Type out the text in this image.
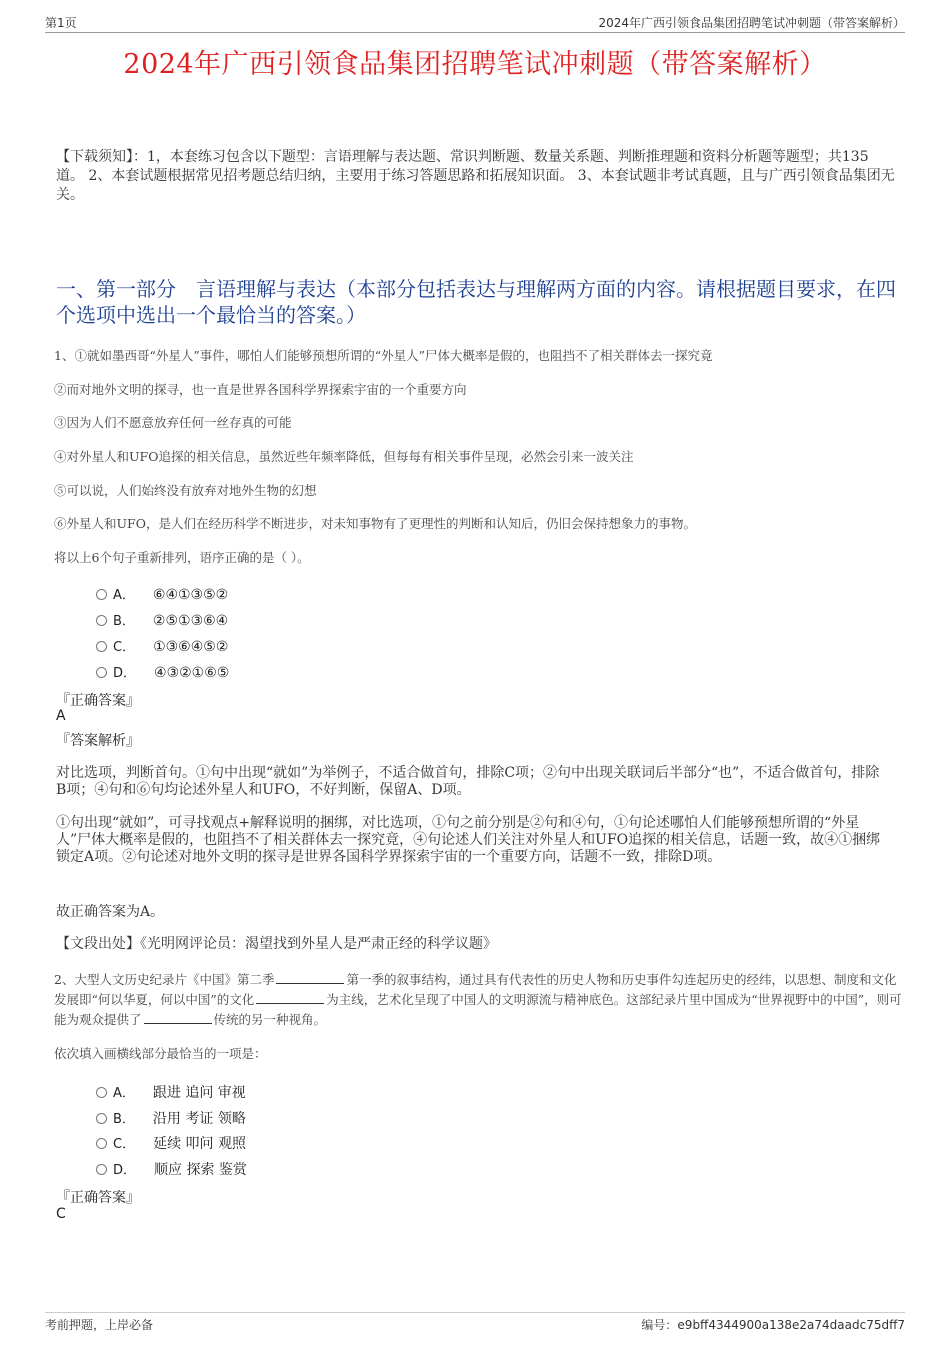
第1页	2024年广西引领食品集团招聘笔试冲刺题（带答案解析）
2024年广西引领食品集团招聘笔试冲刺题（带答案解析）
【下载须知】：1，本套练习包含以下题型：言语理解与表达题、常识判断题、数量关系题、判断推理题和资料分析题等题型；共135道。 2、本套试题根据常见招考题总结归纳，主要用于练习答题思路和拓展知识面。 3、本套试题非考试真题，且与广西引领食品集团无关。
一、第一部分　言语理解与表达（本部分包括表达与理解两方面的内容。请根据题目要求，在四个选项中选出一个最恰当的答案。）
1、①就如墨西哥“外星人”事件，哪怕人们能够预想所谓的“外星人”尸体大概率是假的，也阻挡不了相关群体去一探究竟
②而对地外文明的探寻，也一直是世界各国科学界探索宇宙的一个重要方向
③因为人们不愿意放弃任何一丝存真的可能
④对外星人和UFO追探的相关信息，虽然近些年频率降低，但每每有相关事件呈现，必然会引来一波关注
⑤可以说，人们始终没有放弃对地外生物的幻想
⑥外星人和UFO，是人们在经历科学不断进步，对未知事物有了更理性的判断和认知后，仍旧会保持想象力的事物。
将以上6个句子重新排列，语序正确的是（ ）。
A． ⑥④①③⑤②
B． ②⑤①③⑥④
C． ①③⑥④⑤②
D． ④③②①⑥⑤
『正确答案』
A
『答案解析』
对比选项，判断首句。①句中出现“就如”为举例子，不适合做首句，排除C项；②句中出现关联词后半部分“也”，不适合做首句，排除B项；④句和⑥句均论述外星人和UFO，不好判断，保留A、D项。
①句出现“就如”，可寻找观点+解释说明的捆绑，对比选项，①句之前分别是②句和④句，①句论述哪怕人们能够预想所谓的“外星人”尸体大概率是假的，也阻挡不了相关群体去一探究竟，④句论述人们关注对外星人和UFO追探的相关信息，话题一致，故④①捆绑锁定A项。②句论述对地外文明的探寻是世界各国科学界探索宇宙的一个重要方向，话题不一致，排除D项。
故正确答案为A。
【文段出处】《光明网评论员：渴望找到外星人是严肃正经的科学议题》
2、大型人文历史纪录片《中国》第二季	第一季的叙事结构，通过具有代表性的历史人物和历史事件勾连起历史的经纬，以思想、制度和文化发展即“何以华夏，何以中国”的文化	为主线，艺术化呈现了中国人的文明源流与精神底色。这部纪录片里中国成为“世界视野中的中国”，则可能为观众提供了	传统的另一种视角。
依次填入画横线部分最恰当的一项是：
A． 跟进 追问 审视
B． 沿用 考证 领略
C． 延续 叩问 观照
D． 顺应 探索 鉴赏
『正确答案』
C
考前押题，上岸必备	编号：e9bff4344900a138e2a74daadc75dff7
